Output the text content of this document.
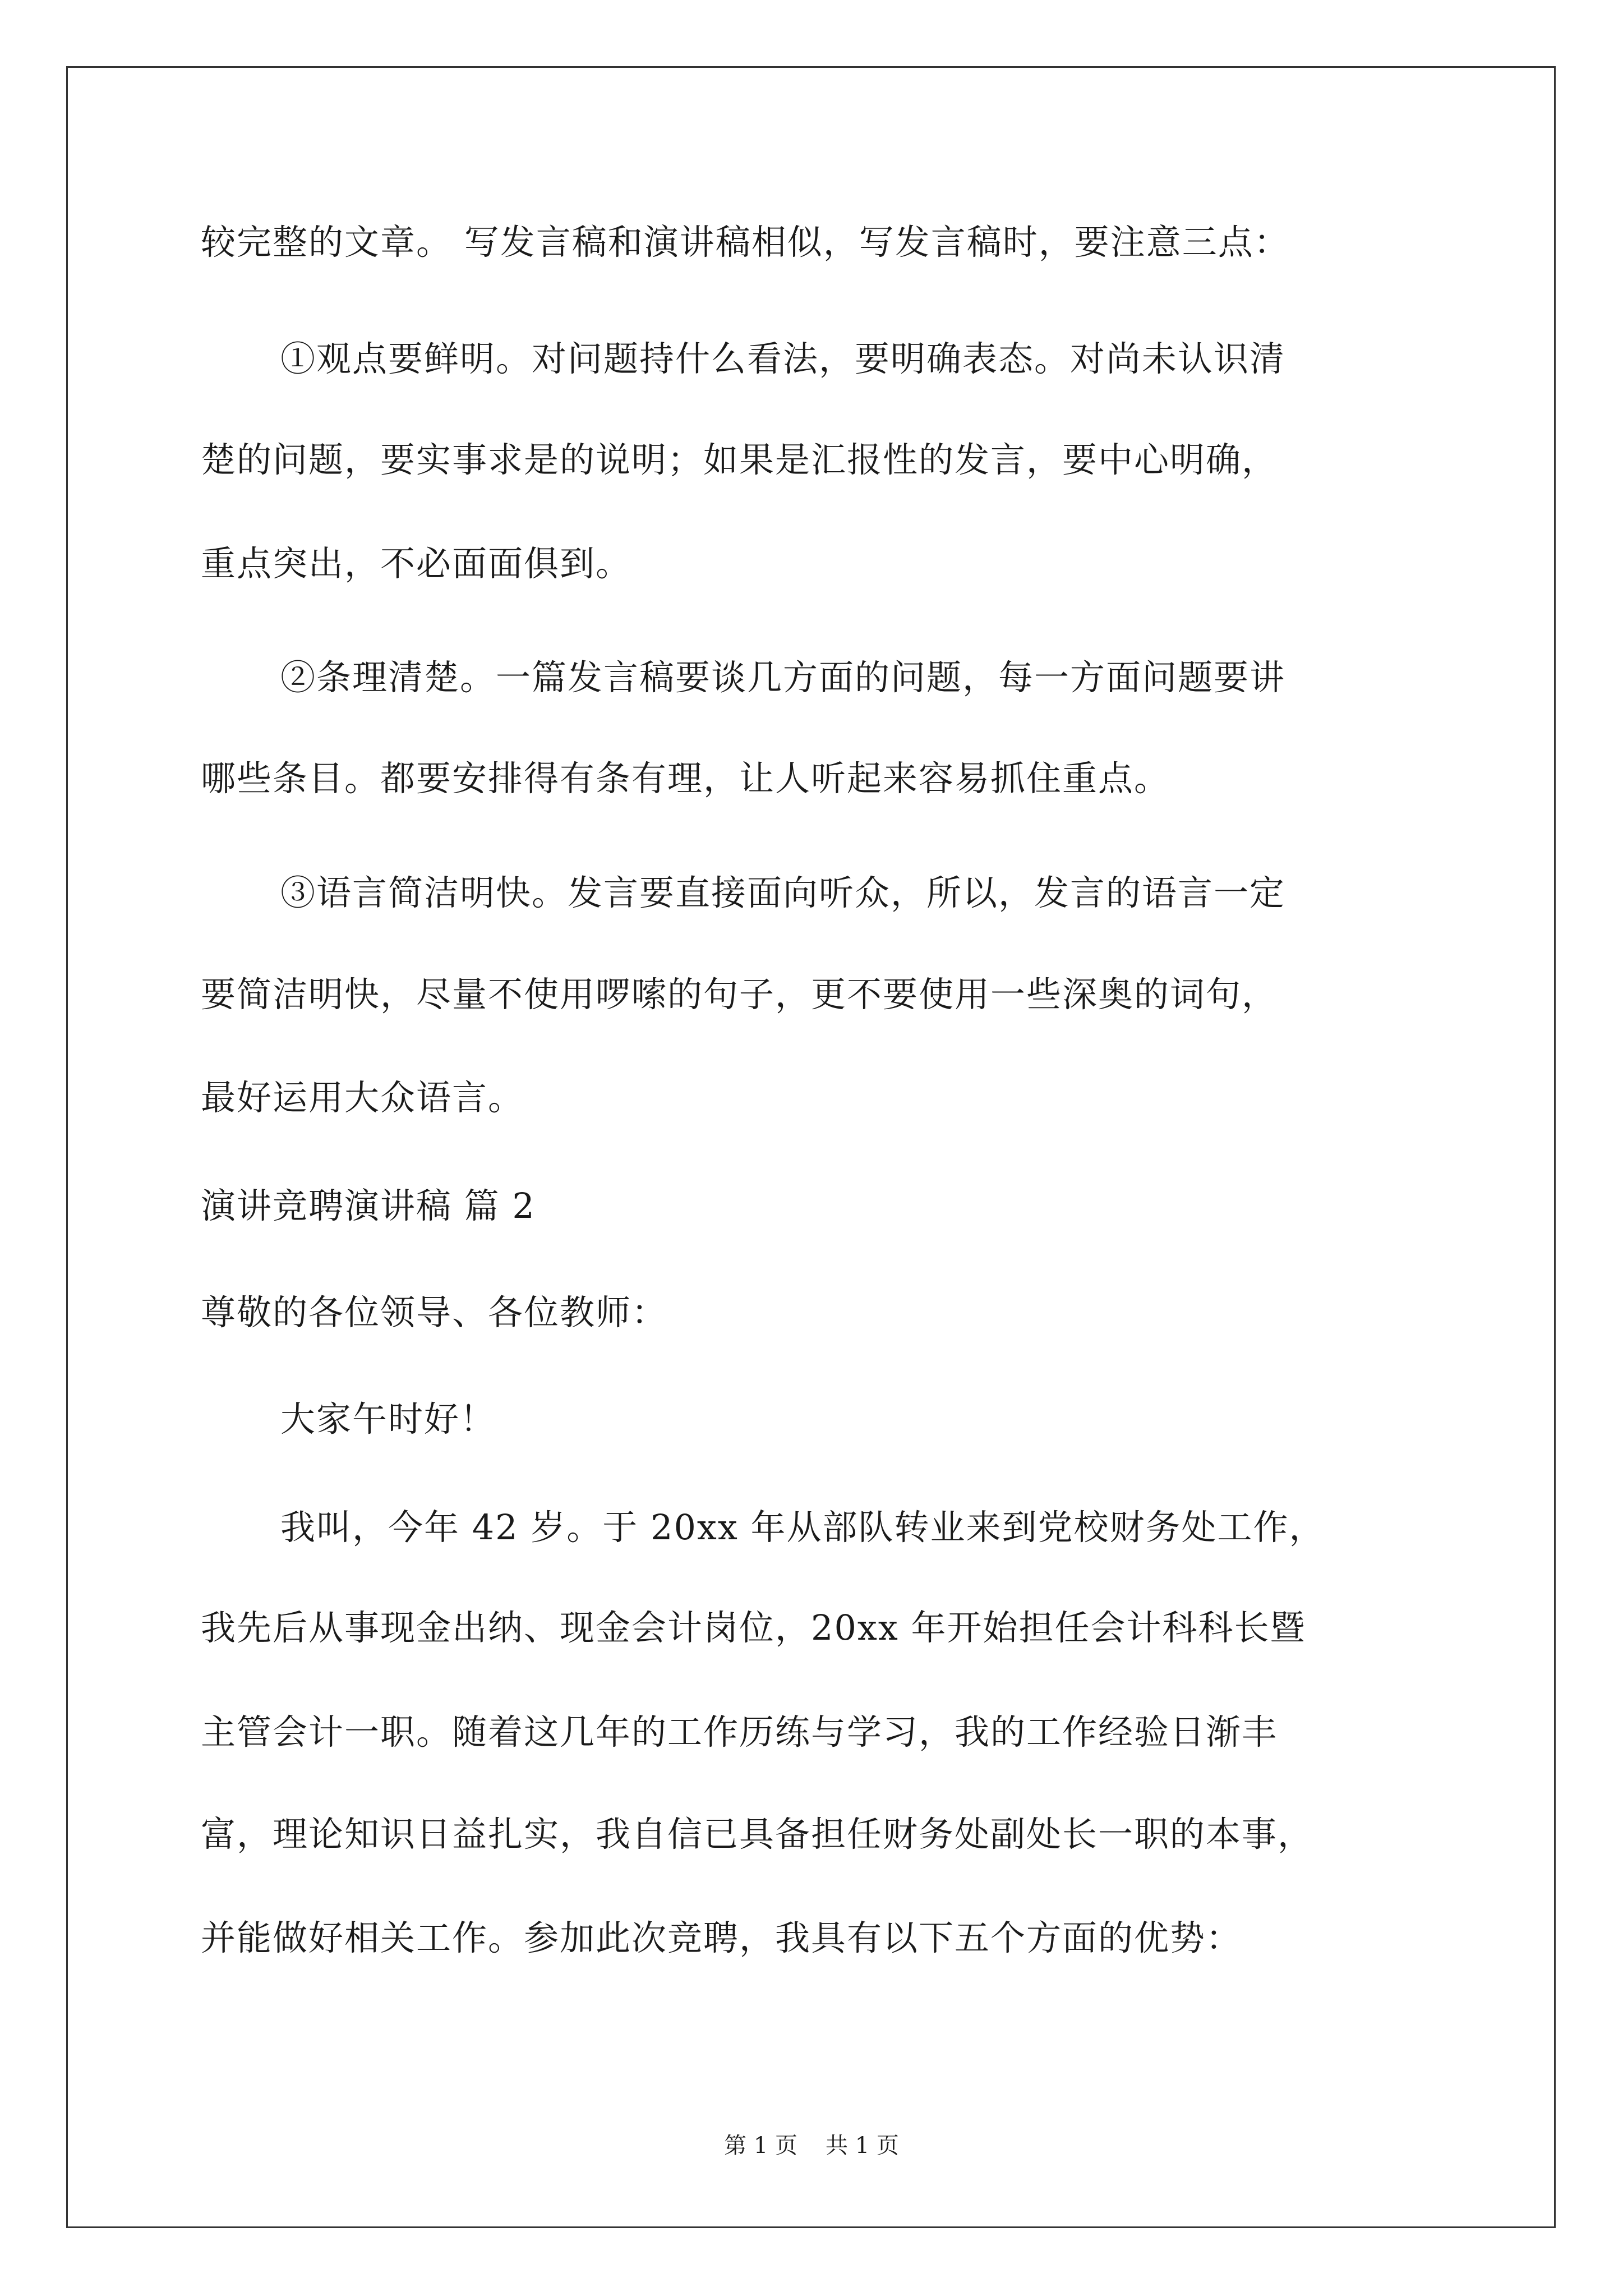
较完整的文章。 写发言稿和演讲稿相似，写发言稿时，要注意三点：
①观点要鲜明。对问题持什么看法，要明确表态。对尚未认识清
楚的问题，要实事求是的说明；如果是汇报性的发言，要中心明确，
重点突出，不必面面俱到。
②条理清楚。一篇发言稿要谈几方面的问题，每一方面问题要讲
哪些条目。都要安排得有条有理，让人听起来容易抓住重点。
③语言简洁明快。发言要直接面向听众，所以，发言的语言一定
要简洁明快，尽量不使用啰嗦的句子，更不要使用一些深奥的词句，
最好运用大众语言。
演讲竞聘演讲稿 篇 2
尊敬的各位领导、各位教师：
大家午时好！
我叫，今年 42 岁。于 20xx 年从部队转业来到党校财务处工作，
我先后从事现金出纳、现金会计岗位，20xx 年开始担任会计科科长暨
主管会计一职。随着这几年的工作历练与学习，我的工作经验日渐丰
富，理论知识日益扎实，我自信已具备担任财务处副处长一职的本事，
并能做好相关工作。参加此次竞聘，我具有以下五个方面的优势：
第 1 页 共 1 页
